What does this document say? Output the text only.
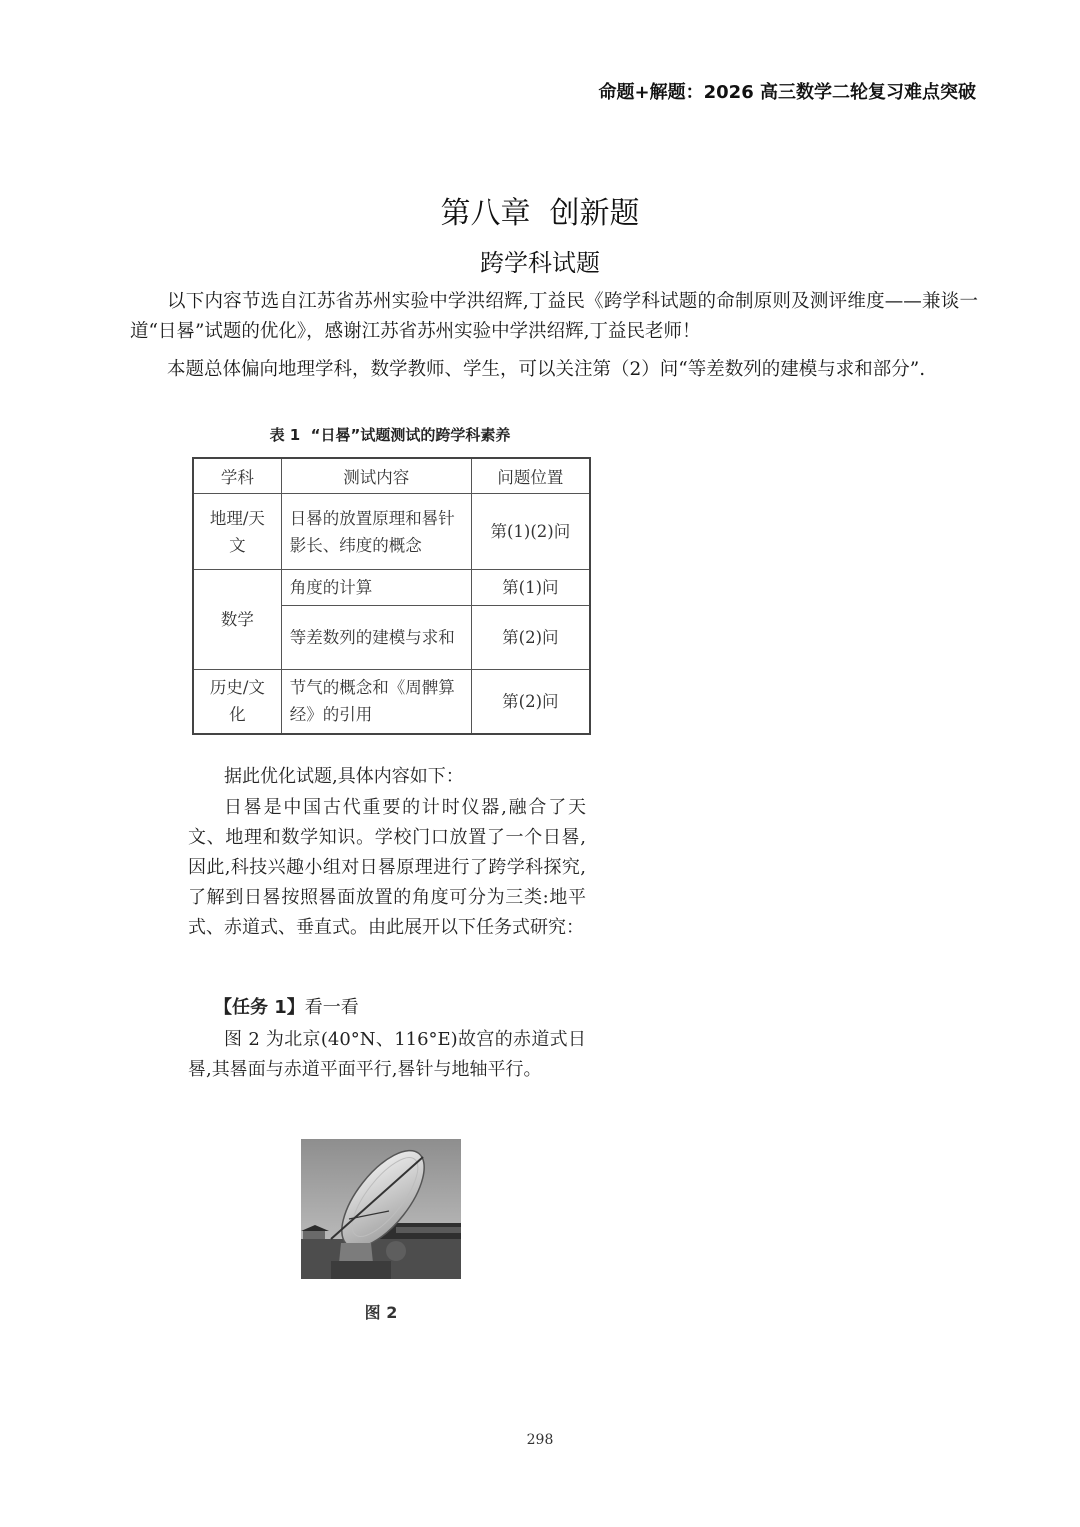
命题+解题：2026 高三数学二轮复习难点突破
第八章  创新题
跨学科试题

以下内容节选自江苏省苏州实验中学洪绍辉,丁益民《跨学科试题的命制原则及测评维度——兼谈一道“日晷”试题的优化》，感谢江苏省苏州实验中学洪绍辉,丁益民老师！

本题总体偏向地理学科，数学教师、学生，可以关注第（2）问“等差数列的建模与求和部分”.

表 1  “日晷”试题测试的跨学科素养
学科	测试内容	问题位置
地理/天文	日晷的放置原理和晷针影长、纬度的概念	第(1)(2)问
数学	角度的计算	第(1)问
	等差数列的建模与求和	第(2)问
历史/文化	节气的概念和《周髀算经》的引用	第(2)问
据此优化试题,具体内容如下：
日晷是中国古代重要的计时仪器,融合了天文、地理和数学知识。学校门口放置了一个日晷,因此,科技兴趣小组对日晷原理进行了跨学科探究,了解到日晷按照晷面放置的角度可分为三类:地平式、赤道式、垂直式。由此展开以下任务式研究：
【任务 1】看一看
图 2 为北京(40°N、116°E)故宫的赤道式日晷,其晷面与赤道平面平行,晷针与地轴平行。
图 2
298
